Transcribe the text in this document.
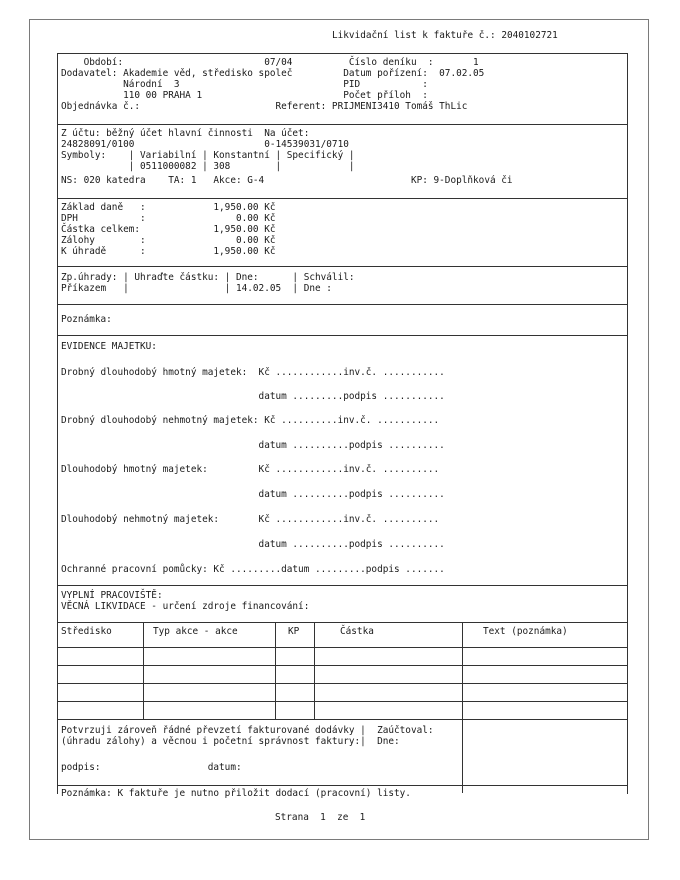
Likvidační list k faktuře č.: 2040102721
Období:                         07/04          Číslo deníku  :       1
Dodavatel: Akademie věd, středisko společ         Datum pořízení:  07.02.05
Národní  3                             PID           :
110 00 PRAHA 1                         Počet příloh  :
Objednávka č.:                        Referent: PRIJMENI3410 Tomáš ThLic
Z účtu: běžný účet hlavní činnosti  Na účet:
24828091/0100                       0-14539031/0710
Symboly:    | Variabilní | Konstantní | Specifický |
| 0511000082 | 308        |            |
NS: 020 katedra    TA: 1   Akce: G-4                          KP: 9-Doplňková či
Základ daně   :            1,950.00 Kč
DPH           :                0.00 Kč
Částka celkem:             1,950.00 Kč
Zálohy        :                0.00 Kč
K úhradě      :            1,950.00 Kč
Zp.úhrady: | Uhraďte částku: | Dne:      | Schválil:
Příkazem   |                 | 14.02.05  | Dne :
Poznámka:
EVIDENCE MAJETKU:
Drobný dlouhodobý hmotný majetek:  Kč ............inv.č. ...........
datum .........podpis ...........
Drobný dlouhodobý nehmotný majetek: Kč ..........inv.č. ...........
datum ..........podpis ..........
Dlouhodobý hmotný majetek:         Kč ............inv.č. ..........
datum ..........podpis ..........
Dlouhodobý nehmotný majetek:       Kč ............inv.č. ..........
datum ..........podpis ..........
Ochranné pracovní pomůcky: Kč .........datum .........podpis .......
VYPLNÍ PRACOVIŠTĚ:
VĚCNÁ LIKVIDACE - určení zdroje financování:
Středisko	Typ akce - akce	KP	Částka	Text (poznámka)
Potvrzuji zároveň řádné převzetí fakturované dodávky |  Zaúčtoval:
(úhradu zálohy) a věcnou i početní správnost faktury:|  Dne:
podpis:                   datum:
Poznámka: K faktuře je nutno přiložit dodací (pracovní) listy.
Strana  1  ze  1
